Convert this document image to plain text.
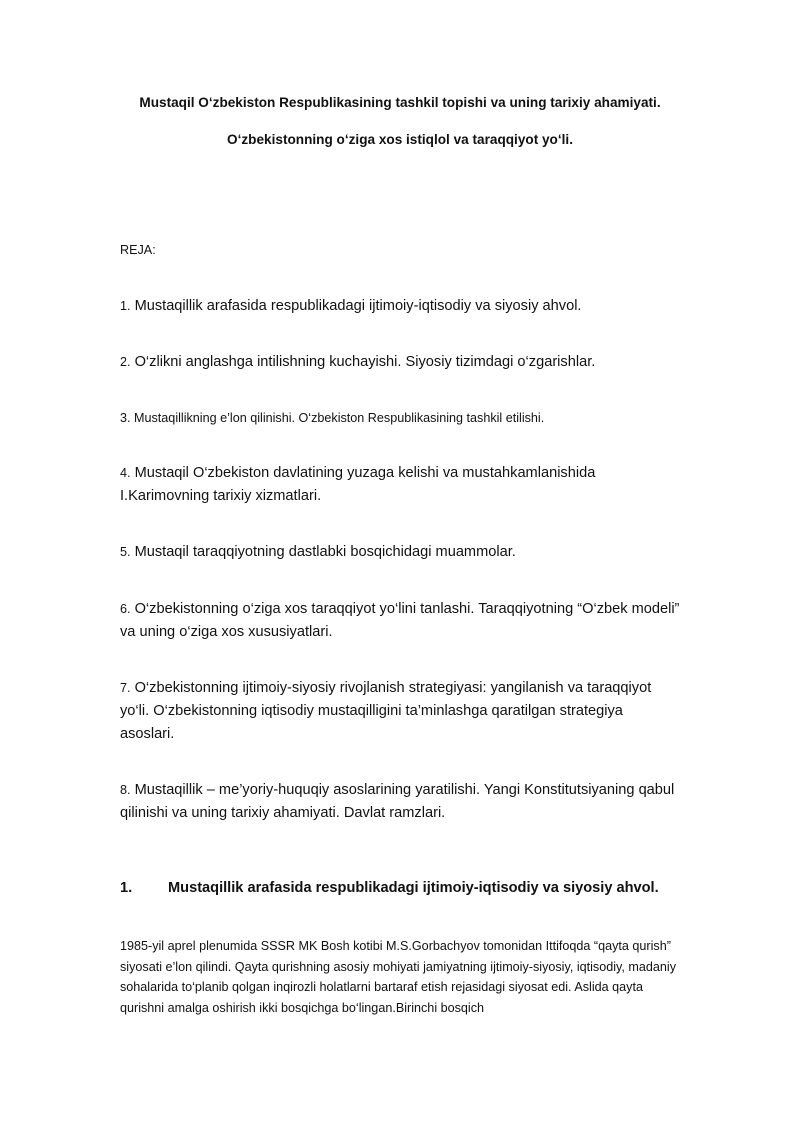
Mustaqil O‘zbekiston Respublikasining tashkil topishi va uning tarixiy ahamiyati.
O‘zbekistonning o‘ziga xos istiqlol va taraqqiyot yo‘li.
REJA:
1. Mustaqillik arafasida respublikadagi ijtimoiy-iqtisodiy va siyosiy ahvol.
2. O‘zlikni anglashga intilishning kuchayishi. Siyosiy tizimdagi o‘zgarishlar.
3. Mustaqillikning e’lon qilinishi. O‘zbekiston Respublikasining tashkil etilishi.
4. Mustaqil O‘zbekiston davlatining yuzaga kelishi va mustahkamlanishida I.Karimovning tarixiy xizmatlari.
5. Mustaqil taraqqiyotning dastlabki bosqichidagi muammolar.
6. O‘zbekistonning o‘ziga xos taraqqiyot yo‘lini tanlashi. Taraqqiyotning “O‘zbek modeli” va uning o‘ziga xos xususiyatlari.
7. O‘zbekistonning ijtimoiy-siyosiy rivojlanish strategiyasi: yangilanish va taraqqiyot yo‘li. O‘zbekistonning iqtisodiy mustaqilligini ta’minlashga qaratilgan strategiya asoslari.
8. Mustaqillik – me’yoriy-huquqiy asoslarining yaratilishi. Yangi Konstitutsiyaning qabul qilinishi va uning tarixiy ahamiyati. Davlat ramzlari.
1. Mustaqillik arafasida respublikadagi ijtimoiy-iqtisodiy va siyosiy ahvol.
1985-yil aprel plenumida SSSR MK Bosh kotibi M.S.Gorbachyov tomonidan Ittifoqda “qayta qurish” siyosati e’lon qilindi. Qayta qurishning asosiy mohiyati jamiyatning ijtimoiy-siyosiy, iqtisodiy, madaniy sohalarida to‘planib qolgan inqirozli holatlarni bartaraf etish rejasidagi siyosat edi. Aslida qayta qurishni amalga oshirish ikki bosqichga bo‘lingan.Birinchi bosqich
